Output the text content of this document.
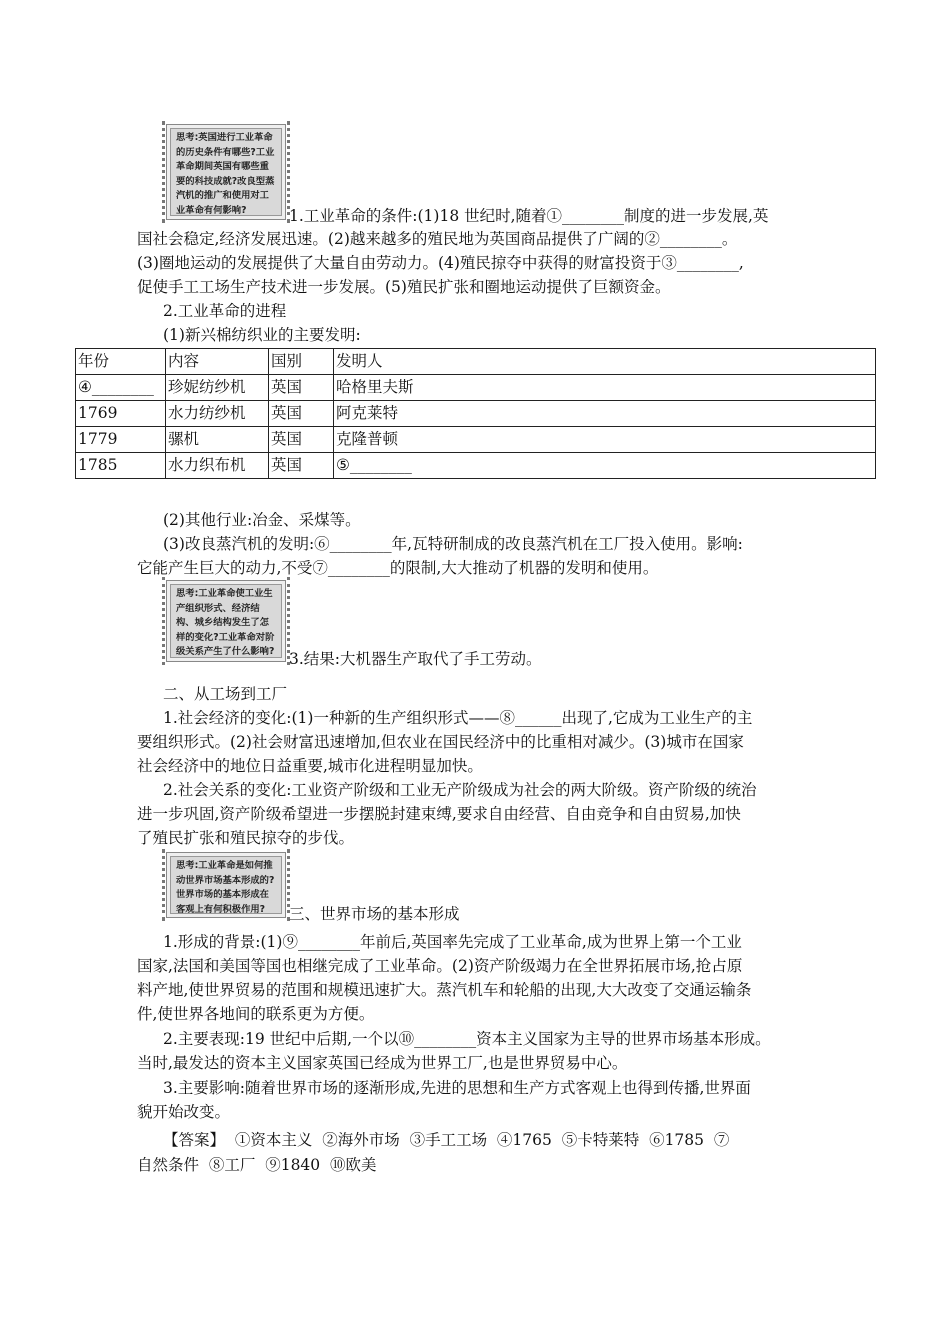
思考:英国进行工业革命的历史条件有哪些?工业革命期间英国有哪些重要的科技成就?改良型蒸汽机的推广和使用对工业革命有何影响?	1.工业革命的条件:(1)18 世纪时,随着①________制度的进一步发展,英
国社会稳定,经济发展迅速。(2)越来越多的殖民地为英国商品提供了广阔的②________。
(3)圈地运动的发展提供了大量自由劳动力。(4)殖民掠夺中获得的财富投资于③________,
促使手工工场生产技术进一步发展。(5)殖民扩张和圈地运动提供了巨额资金。
2.工业革命的进程
(1)新兴棉纺织业的主要发明:
年份	内容	国别	发明人
④________	珍妮纺纱机	英国	哈格里夫斯
1769	水力纺纱机	英国	阿克莱特
1779	骡机	英国	克隆普顿
1785	水力织布机	英国	⑤________
(2)其他行业:冶金、采煤等。
(3)改良蒸汽机的发明:⑥________年,瓦特研制成的改良蒸汽机在工厂投入使用。影响:
它能产生巨大的动力,不受⑦________的限制,大大推动了机器的发明和使用。
思考:工业革命使工业生产组织形式、经济结构、城乡结构发生了怎样的变化?工业革命对阶级关系产生了什么影响? 3.结果:大机器生产取代了手工劳动。
二、从工场到工厂
1.社会经济的变化:(1)一种新的生产组织形式——⑧______出现了,它成为工业生产的主
要组织形式。(2)社会财富迅速增加,但农业在国民经济中的比重相对减少。(3)城市在国家
社会经济中的地位日益重要,城市化进程明显加快。
2.社会关系的变化:工业资产阶级和工业无产阶级成为社会的两大阶级。资产阶级的统治
进一步巩固,资产阶级希望进一步摆脱封建束缚,要求自由经营、自由竞争和自由贸易,加快
了殖民扩张和殖民掠夺的步伐。
思考:工业革命是如何推动世界市场基本形成的?世界市场的基本形成在客观上有何积极作用?	三、世界市场的基本形成
1.形成的背景:(1)⑨________年前后,英国率先完成了工业革命,成为世界上第一个工业
国家,法国和美国等国也相继完成了工业革命。(2)资产阶级竭力在全世界拓展市场,抢占原
料产地,使世界贸易的范围和规模迅速扩大。蒸汽机车和轮船的出现,大大改变了交通运输条
件,使世界各地间的联系更为方便。
2.主要表现:19 世纪中后期,一个以⑩________资本主义国家为主导的世界市场基本形成。
当时,最发达的资本主义国家英国已经成为世界工厂,也是世界贸易中心。
3.主要影响:随着世界市场的逐渐形成,先进的思想和生产方式客观上也得到传播,世界面
貌开始改变。
【答案】  ①资本主义  ②海外市场  ③手工工场  ④1765  ⑤卡特莱特  ⑥1785  ⑦
自然条件  ⑧工厂  ⑨1840  ⑩欧美
